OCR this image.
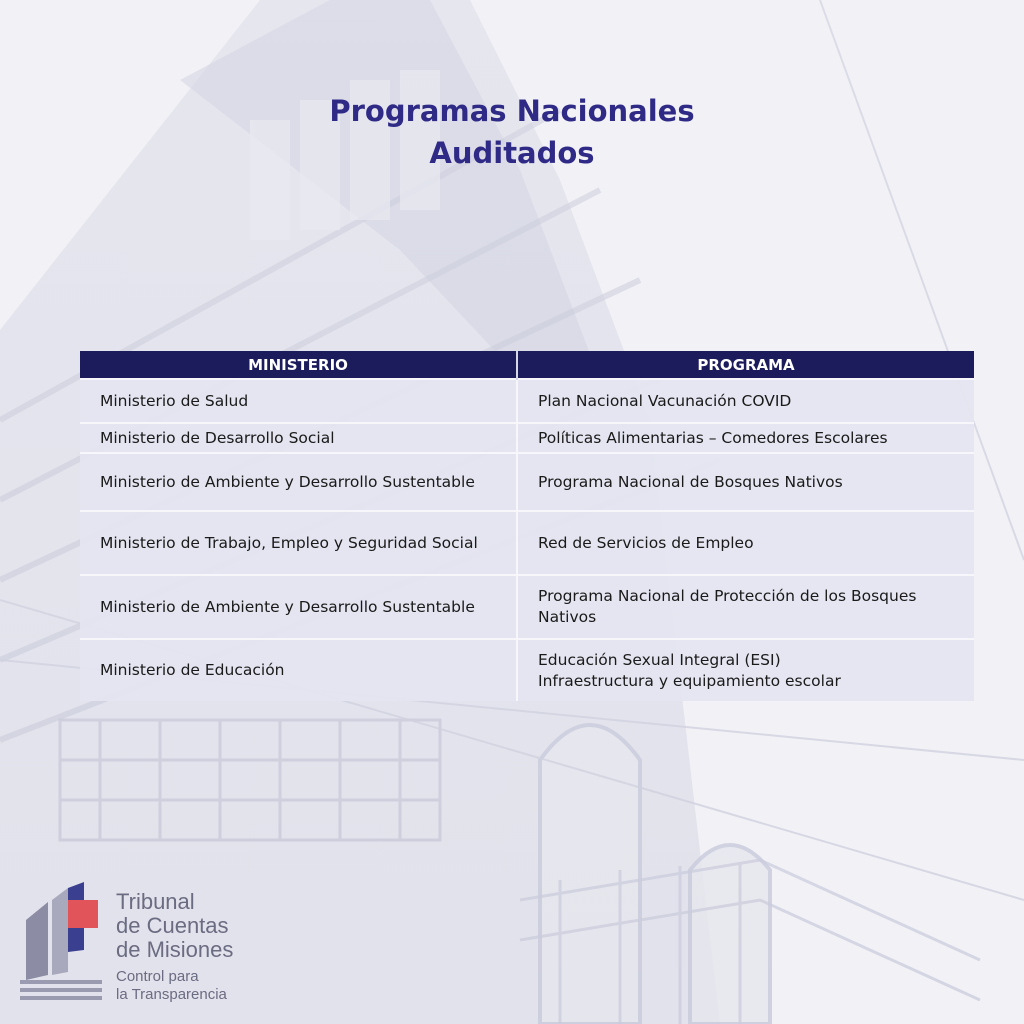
Programas Nacionales
Auditados
MINISTERIO	PROGRAMA
Ministerio de Salud	Plan Nacional Vacunación COVID

Ministerio de Desarrollo Social	Políticas Alimentarias – Comedores Escolares

Ministerio de Ambiente y Desarrollo Sustentable	Programa Nacional de Bosques Nativos

Ministerio de Trabajo, Empleo y Seguridad Social	Red de Servicios de Empleo

Ministerio de Ambiente y Desarrollo Sustentable	Programa Nacional de Protección de los Bosques Nativos

Ministerio de Educación	Educación Sexual Integral (ESI)
Infraestructura y equipamiento escolar
Tribunal
de Cuentas
de Misiones
Control para
la Transparencia
